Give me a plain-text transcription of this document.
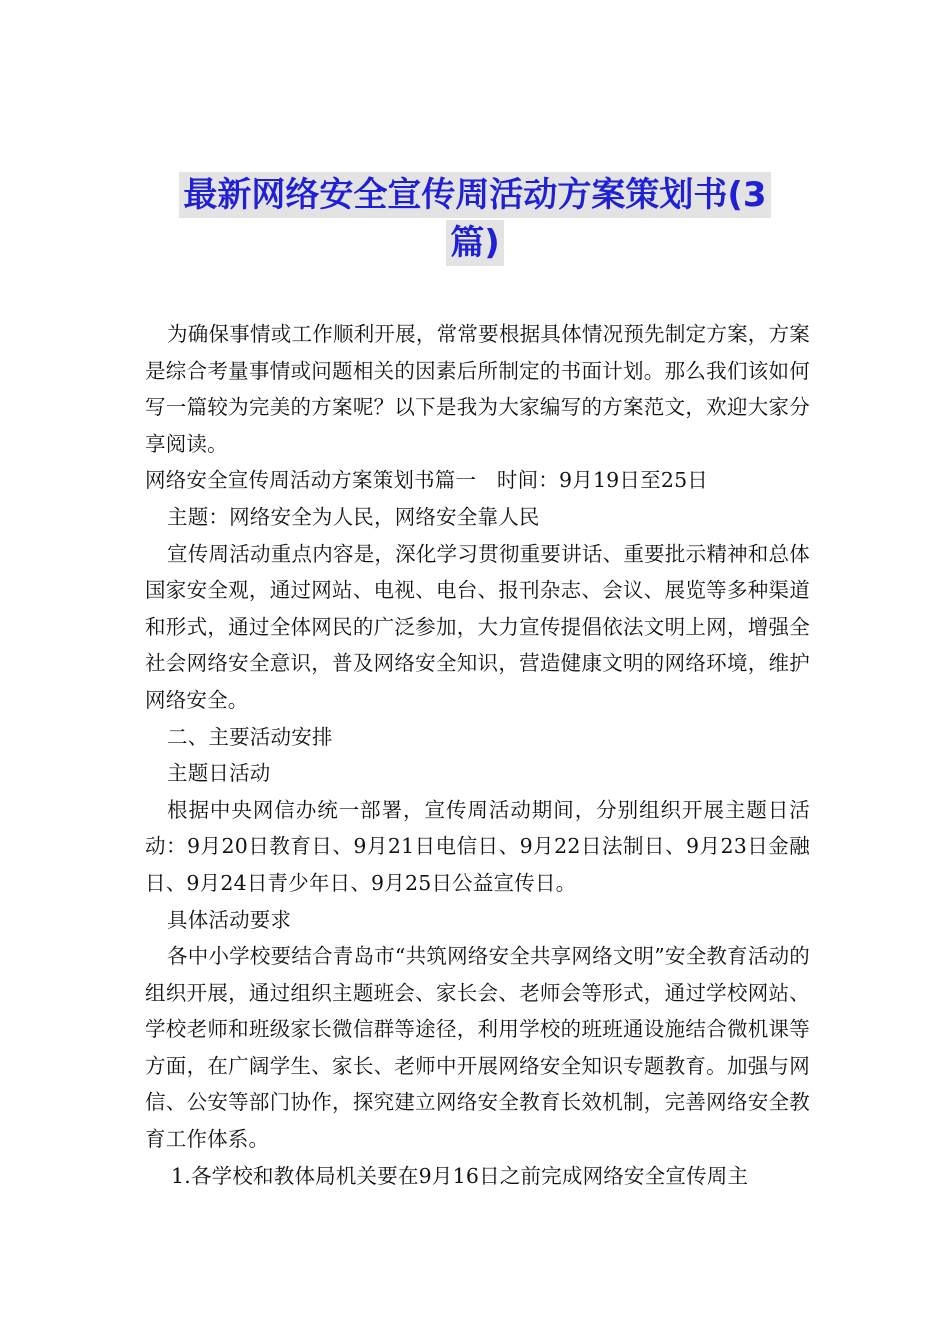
最新网络安全宣传周活动方案策划书(3
篇)

为确保事情或工作顺利开展，常常要根据具体情况预先制定方案，方案是综合考量事情或问题相关的因素后所制定的书面计划。那么我们该如何写一篇较为完美的方案呢？以下是我为大家编写的方案范文，欢迎大家分享阅读。

网络安全宣传周活动方案策划书篇一　时间：9月19日至25日

主题：网络安全为人民，网络安全靠人民

宣传周活动重点内容是，深化学习贯彻重要讲话、重要批示精神和总体国家安全观，通过网站、电视、电台、报刊杂志、会议、展览等多种渠道和形式，通过全体网民的广泛参加，大力宣传提倡依法文明上网，增强全社会网络安全意识，普及网络安全知识，营造健康文明的网络环境，维护网络安全。

二、主要活动安排

主题日活动

根据中央网信办统一部署，宣传周活动期间，分别组织开展主题日活动：9月20日教育日、9月21日电信日、9月22日法制日、9月23日金融日、9月24日青少年日、9月25日公益宣传日。

具体活动要求

各中小学校要结合青岛市“共筑网络安全共享网络文明”安全教育活动的组织开展，通过组织主题班会、家长会、老师会等形式，通过学校网站、学校老师和班级家长微信群等途径，利用学校的班班通设施结合微机课等方面，在广阔学生、家长、老师中开展网络安全知识专题教育。加强与网信、公安等部门协作，探究建立网络安全教育长效机制，完善网络安全教育工作体系。

1.各学校和教体局机关要在9月16日之前完成网络安全宣传周主
